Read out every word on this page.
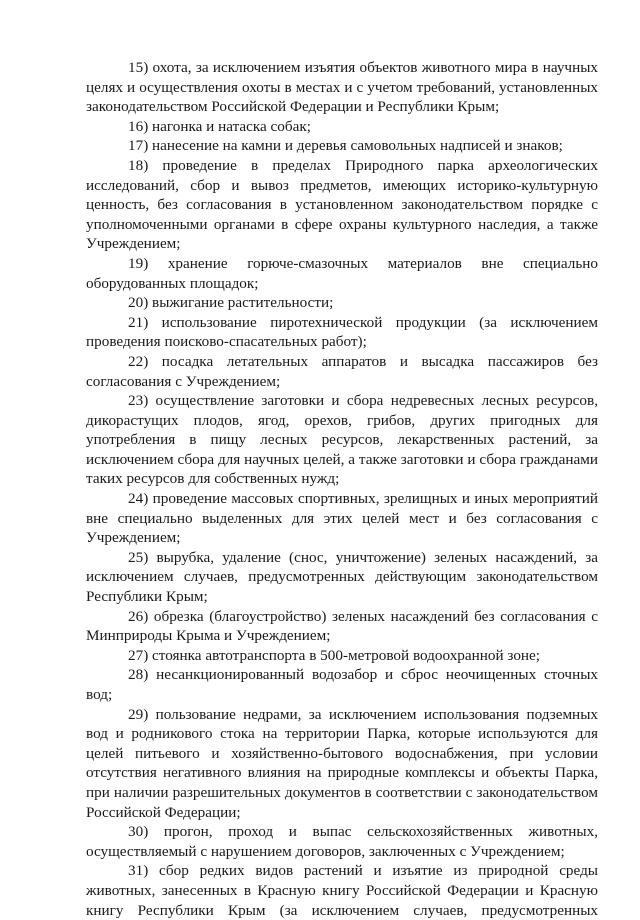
15) охота, за исключением изъятия объектов животного мира в научных целях и осуществления охоты в местах и с учетом требований, установленных законодательством Российской Федерации и Республики Крым;

16) нагонка и натаска собак;

17) нанесение на камни и деревья самовольных надписей и знаков;

18) проведение в пределах Природного парка археологических исследований, сбор и вывоз предметов, имеющих историко-культурную ценность, без согласования в установленном законодательством порядке с уполномоченными органами в сфере охраны культурного наследия, а также Учреждением;

19) хранение горюче-смазочных материалов вне специально оборудованных площадок;

20) выжигание растительности;

21) использование пиротехнической продукции (за исключением проведения поисково-спасательных работ);

22) посадка летательных аппаратов и высадка пассажиров без согласования с Учреждением;

23) осуществление заготовки и сбора недревесных лесных ресурсов, дикорастущих плодов, ягод, орехов, грибов, других пригодных для употребления в пищу лесных ресурсов, лекарственных растений, за исключением сбора для научных целей, а также заготовки и сбора гражданами таких ресурсов для собственных нужд;

24) проведение массовых спортивных, зрелищных и иных мероприятий вне специально выделенных для этих целей мест и без согласования с Учреждением;

25) вырубка, удаление (снос, уничтожение) зеленых насаждений, за исключением случаев, предусмотренных действующим законодательством Республики Крым;

26) обрезка (благоустройство) зеленых насаждений без согласования с Минприроды Крыма и Учреждением;

27) стоянка автотранспорта в 500-метровой водоохранной зоне;

28) несанкционированный водозабор и сброс неочищенных сточных вод;

29) пользование недрами, за исключением использования подземных вод и родникового стока на территории Парка, которые используются для целей питьевого и хозяйственно-бытового водоснабжения, при условии отсутствия негативного влияния на природные комплексы и объекты Парка, при наличии разрешительных документов в соответствии с законодательством Российской Федерации;

30) прогон, проход и выпас сельскохозяйственных животных, осуществляемый с нарушением договоров, заключенных с Учреждением;

31) сбор редких видов растений и изъятие из природной среды животных, занесенных в Красную книгу Российской Федерации и Красную книгу Республики Крым (за исключением случаев, предусмотренных
